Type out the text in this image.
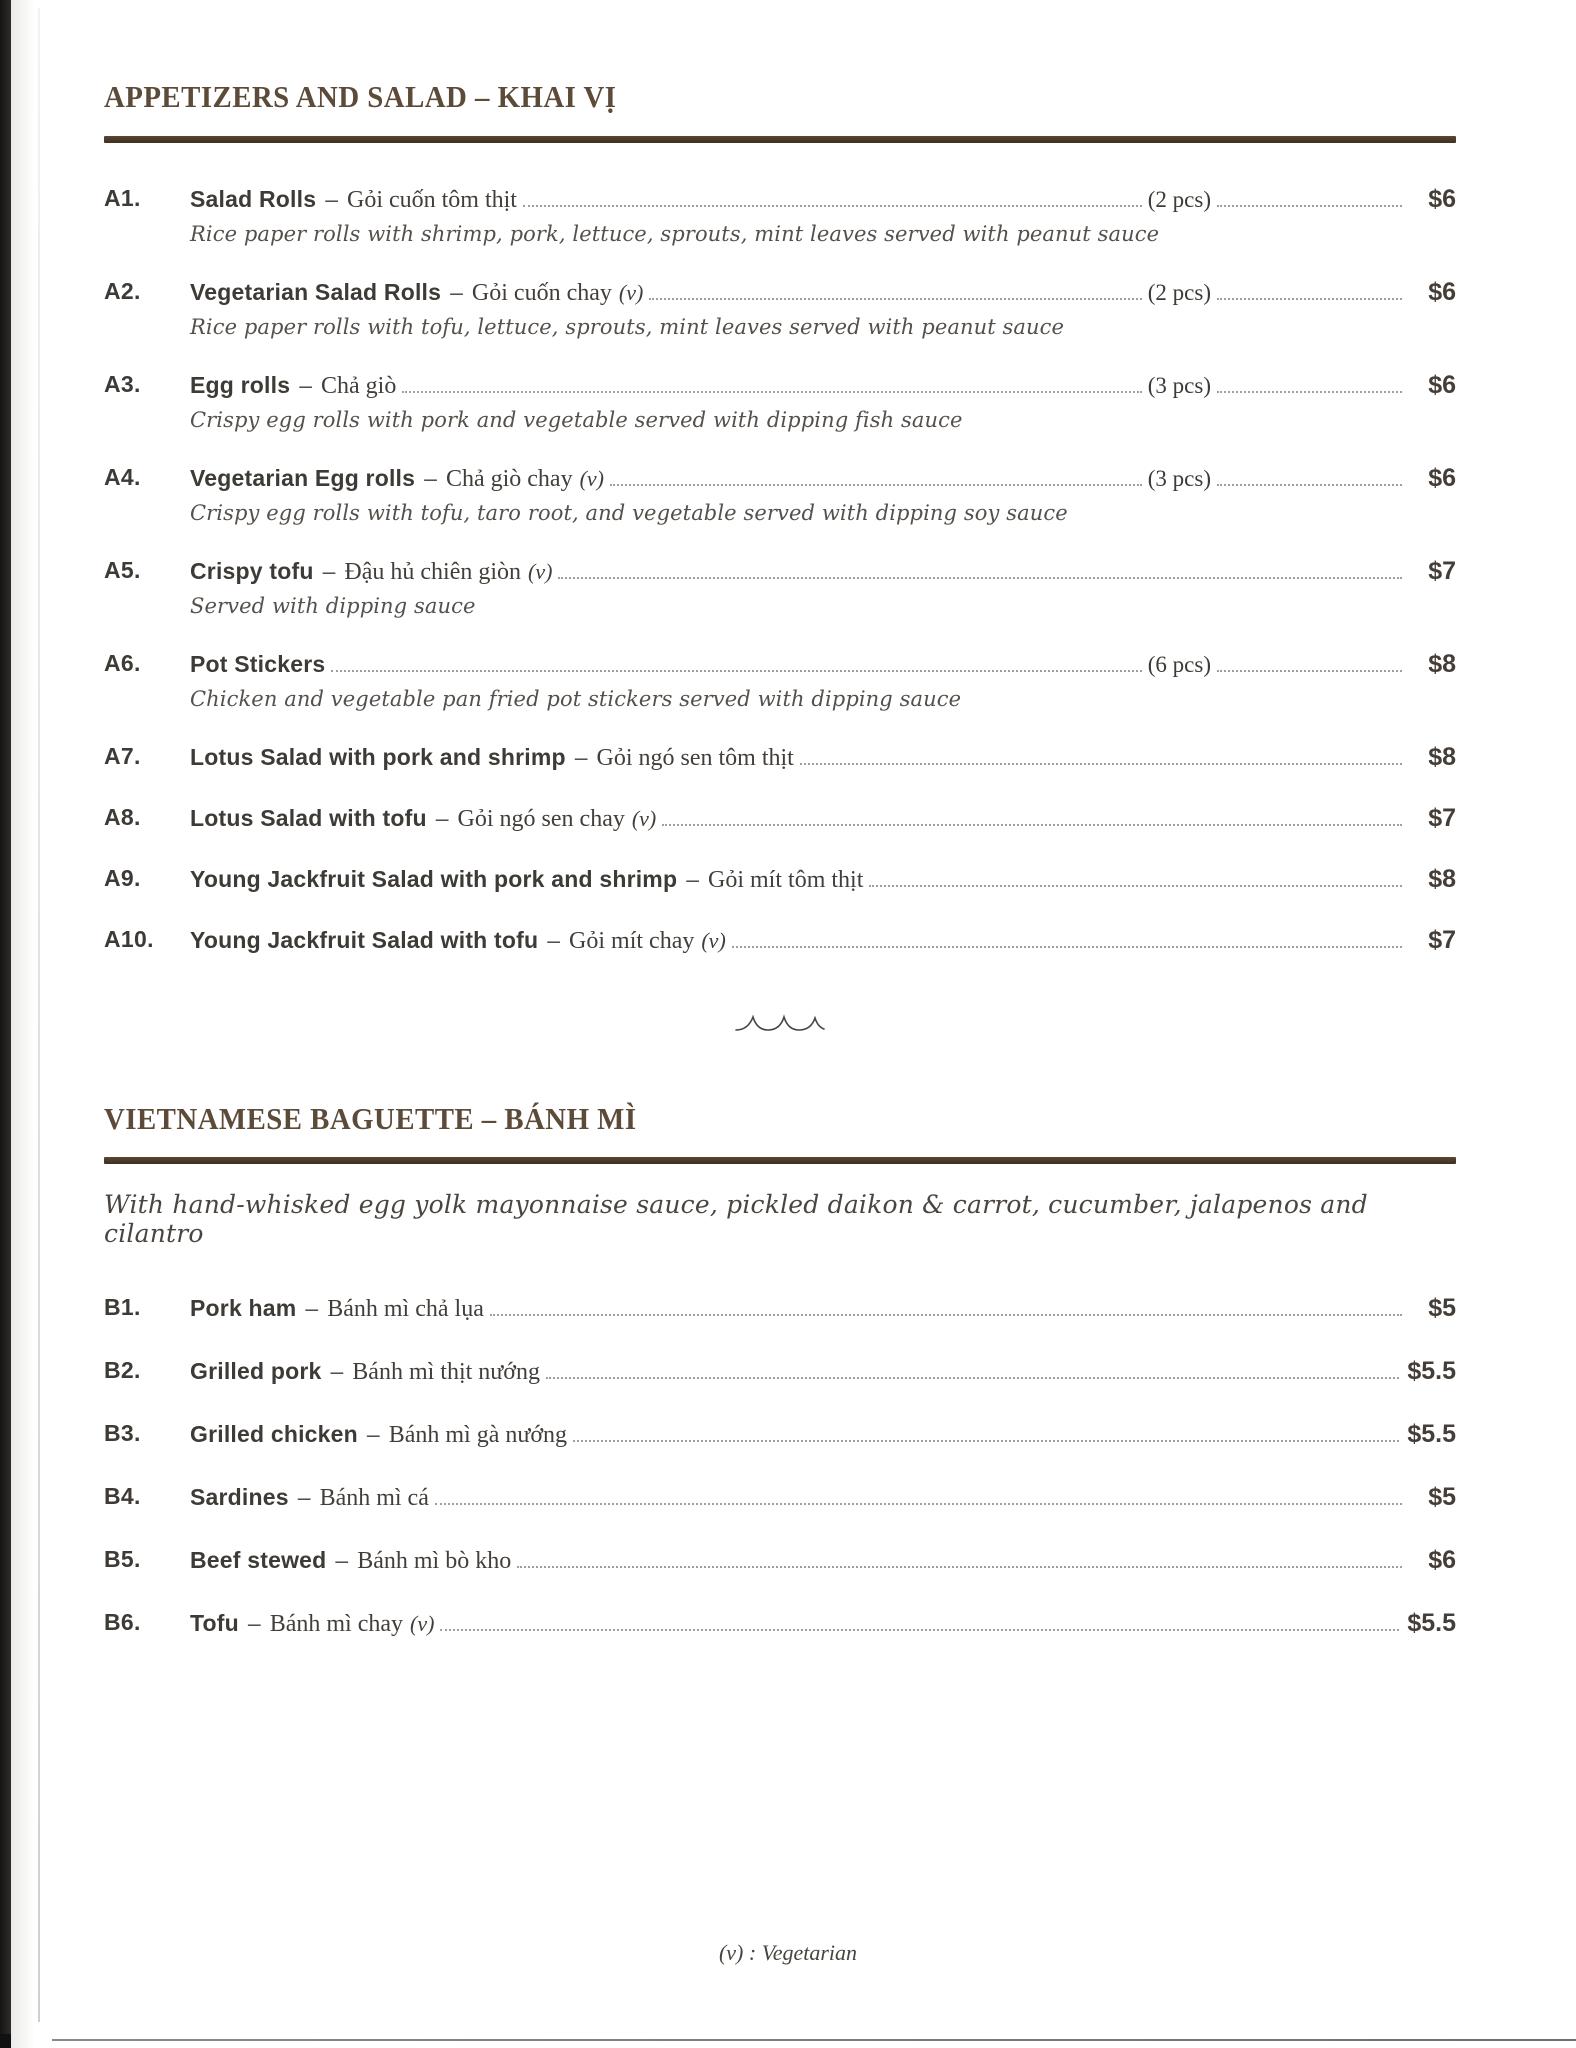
APPETIZERS AND SALAD – KHAI VỊ
A1.	Salad Rolls – Gỏi cuốn tôm thịt	(2 pcs)	$6
Rice paper rolls with shrimp, pork, lettuce, sprouts, mint leaves served with peanut sauce
A2.	Vegetarian Salad Rolls – Gỏi cuốn chay (v)	(2 pcs)	$6
Rice paper rolls with tofu, lettuce, sprouts, mint leaves served with peanut sauce
A3.	Egg rolls – Chả giò	(3 pcs)	$6
Crispy egg rolls with pork and vegetable served with dipping fish sauce
A4.	Vegetarian Egg rolls – Chả giò chay (v)	(3 pcs)	$6
Crispy egg rolls with tofu, taro root, and vegetable served with dipping soy sauce
A5.	Crispy tofu – Đậu hủ chiên giòn (v)	$7
Served with dipping sauce
A6.	Pot Stickers	(6 pcs)	$8
Chicken and vegetable pan fried pot stickers served with dipping sauce
A7.	Lotus Salad with pork and shrimp – Gỏi ngó sen tôm thịt	$8
A8.	Lotus Salad with tofu – Gỏi ngó sen chay (v)	$7
A9.	Young Jackfruit Salad with pork and shrimp – Gỏi mít tôm thịt	$8
A10.	Young Jackfruit Salad with tofu – Gỏi mít chay (v)	$7
VIETNAMESE BAGUETTE – BÁNH MÌ

With hand-whisked egg yolk mayonnaise sauce, pickled daikon & carrot, cucumber, jalapenos and cilantro

B1.	Pork ham – Bánh mì chả lụa	$5
B2.	Grilled pork – Bánh mì thịt nướng	$5.5
B3.	Grilled chicken – Bánh mì gà nướng	$5.5
B4.	Sardines – Bánh mì cá	$5
B5.	Beef stewed – Bánh mì bò kho	$6
B6.	Tofu – Bánh mì chay (v)	$5.5
(v) : Vegetarian
